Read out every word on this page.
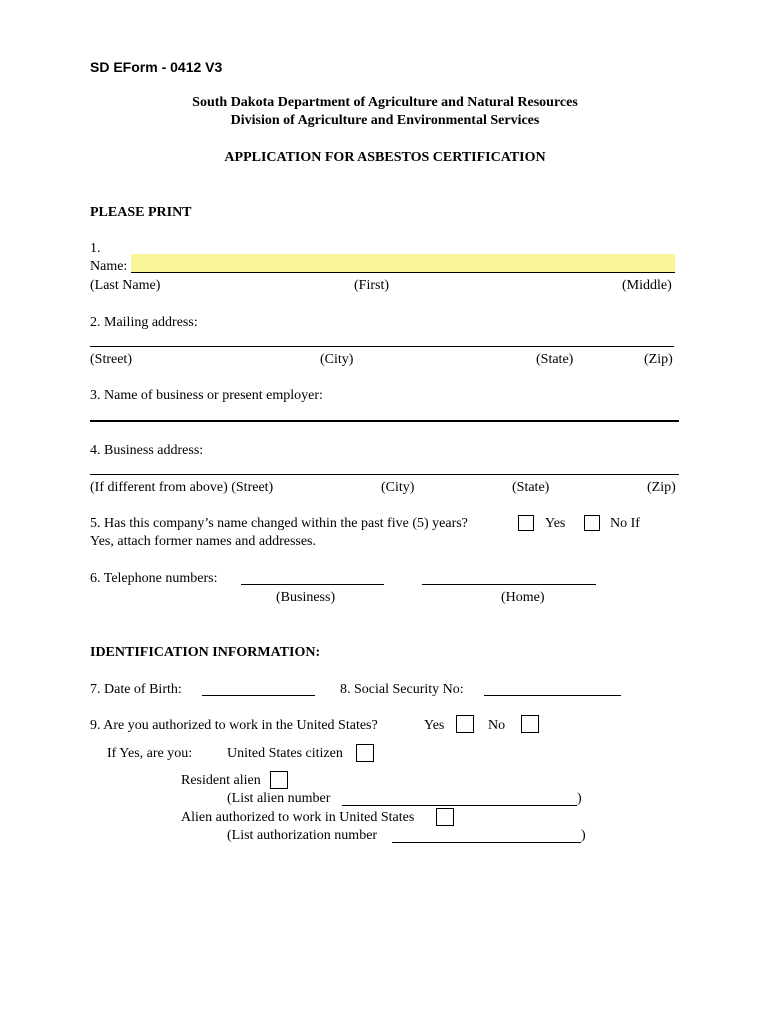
SD EForm - 0412 V3
South Dakota Department of Agriculture and Natural Resources
Division of Agriculture and Environmental Services
APPLICATION FOR ASBESTOS CERTIFICATION
PLEASE PRINT
1.
Name:
(Last Name)	(First)	(Middle)
2. Mailing address:
(Street)	(City)	(State)	(Zip)
3. Name of business or present employer:
4. Business address:
(If different from above) (Street)	(City)	(State)	(Zip)
5. Has this company’s name changed within the past five (5) years?	Yes	No If
Yes, attach former names and addresses.
6. Telephone numbers:
(Business)	(Home)
IDENTIFICATION INFORMATION:
7. Date of Birth:	8. Social Security No:
9. Are you authorized to work in the United States?	Yes	No
If Yes, are you: United States citizen
Resident alien
(List alien number	)
Alien authorized to work in United States
(List authorization number	)
